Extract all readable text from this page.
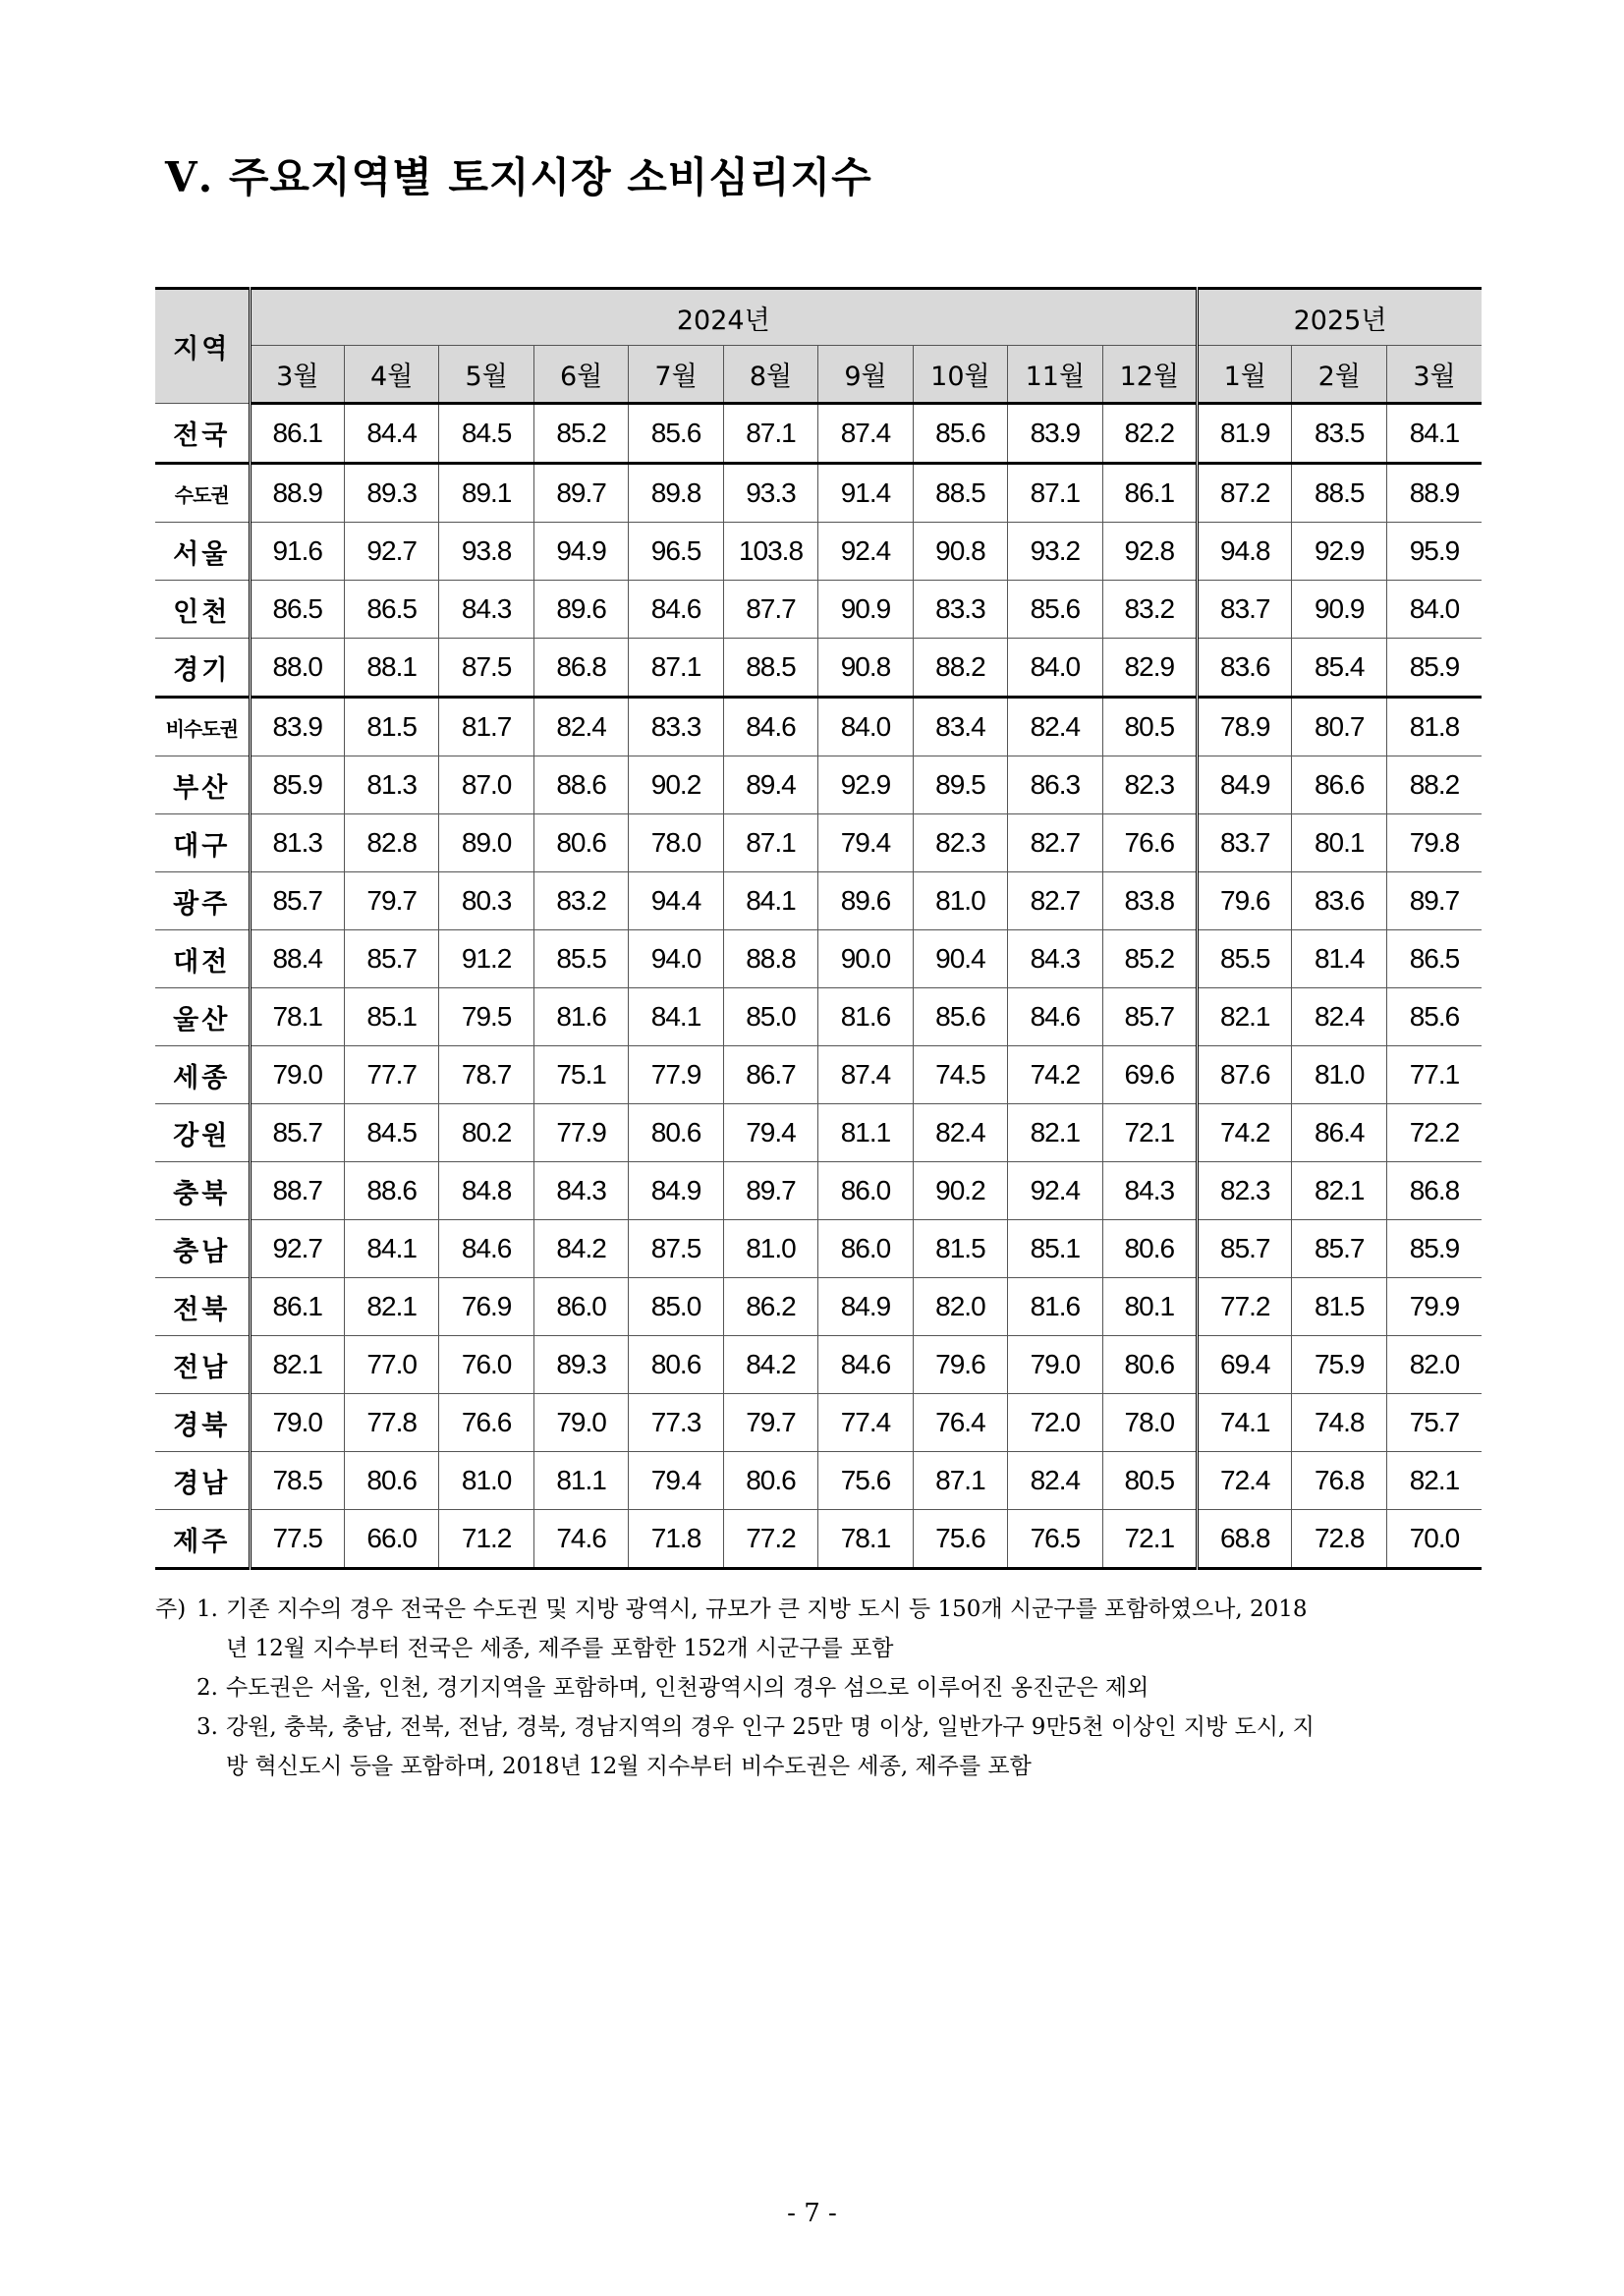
Ⅴ. 주요지역별 토지시장 소비심리지수
지역	2024년										2025년		
	3월	4월	5월	6월	7월	8월	9월	10월	11월	12월	1월	2월	3월
전국	86.1	84.4	84.5	85.2	85.6	87.1	87.4	85.6	83.9	82.2	81.9	83.5	84.1
수도권	88.9	89.3	89.1	89.7	89.8	93.3	91.4	88.5	87.1	86.1	87.2	88.5	88.9
서울	91.6	92.7	93.8	94.9	96.5	103.8	92.4	90.8	93.2	92.8	94.8	92.9	95.9
인천	86.5	86.5	84.3	89.6	84.6	87.7	90.9	83.3	85.6	83.2	83.7	90.9	84.0
경기	88.0	88.1	87.5	86.8	87.1	88.5	90.8	88.2	84.0	82.9	83.6	85.4	85.9
비수도권	83.9	81.5	81.7	82.4	83.3	84.6	84.0	83.4	82.4	80.5	78.9	80.7	81.8
부산	85.9	81.3	87.0	88.6	90.2	89.4	92.9	89.5	86.3	82.3	84.9	86.6	88.2
대구	81.3	82.8	89.0	80.6	78.0	87.1	79.4	82.3	82.7	76.6	83.7	80.1	79.8
광주	85.7	79.7	80.3	83.2	94.4	84.1	89.6	81.0	82.7	83.8	79.6	83.6	89.7
대전	88.4	85.7	91.2	85.5	94.0	88.8	90.0	90.4	84.3	85.2	85.5	81.4	86.5
울산	78.1	85.1	79.5	81.6	84.1	85.0	81.6	85.6	84.6	85.7	82.1	82.4	85.6
세종	79.0	77.7	78.7	75.1	77.9	86.7	87.4	74.5	74.2	69.6	87.6	81.0	77.1
강원	85.7	84.5	80.2	77.9	80.6	79.4	81.1	82.4	82.1	72.1	74.2	86.4	72.2
충북	88.7	88.6	84.8	84.3	84.9	89.7	86.0	90.2	92.4	84.3	82.3	82.1	86.8
충남	92.7	84.1	84.6	84.2	87.5	81.0	86.0	81.5	85.1	80.6	85.7	85.7	85.9
전북	86.1	82.1	76.9	86.0	85.0	86.2	84.9	82.0	81.6	80.1	77.2	81.5	79.9
전남	82.1	77.0	76.0	89.3	80.6	84.2	84.6	79.6	79.0	80.6	69.4	75.9	82.0
경북	79.0	77.8	76.6	79.0	77.3	79.7	77.4	76.4	72.0	78.0	74.1	74.8	75.7
경남	78.5	80.6	81.0	81.1	79.4	80.6	75.6	87.1	82.4	80.5	72.4	76.8	82.1
제주	77.5	66.0	71.2	74.6	71.8	77.2	78.1	75.6	76.5	72.1	68.8	72.8	70.0
주) 1. 기존 지수의 경우 전국은 수도권 및 지방 광역시, 규모가 큰 지방 도시 등 150개 시군구를 포함하였으나, 2018
년 12월 지수부터 전국은 세종, 제주를 포함한 152개 시군구를 포함
2. 수도권은 서울, 인천, 경기지역을 포함하며, 인천광역시의 경우 섬으로 이루어진 옹진군은 제외
3. 강원, 충북, 충남, 전북, 전남, 경북, 경남지역의 경우 인구 25만 명 이상, 일반가구 9만5천 이상인 지방 도시, 지
방 혁신도시 등을 포함하며, 2018년 12월 지수부터 비수도권은 세종, 제주를 포함
- 7 -
